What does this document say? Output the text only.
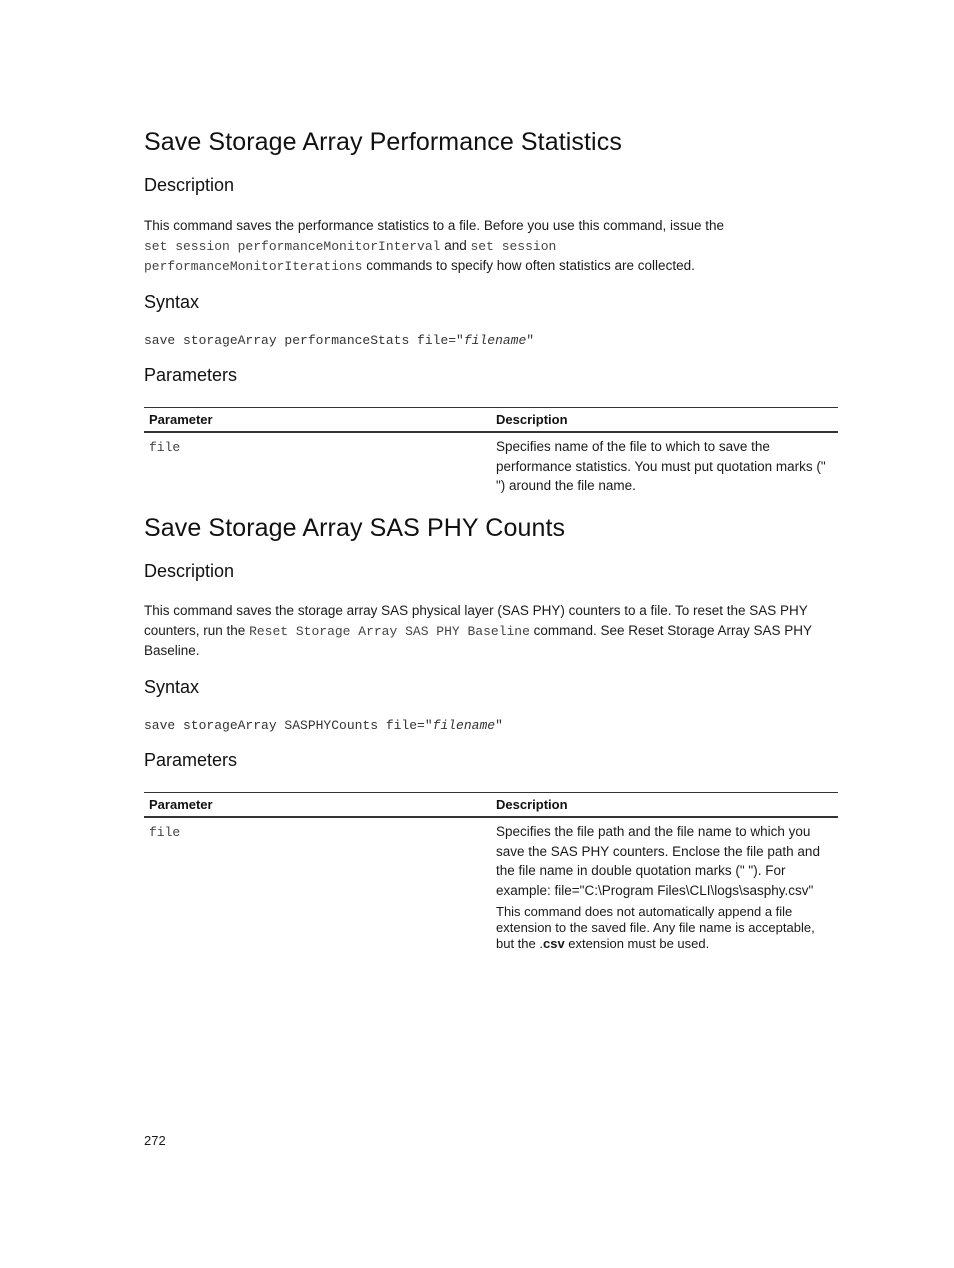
Save Storage Array Performance Statistics
Description
This command saves the performance statistics to a file. Before you use this command, issue the
set session performanceMonitorInterval and set session
performanceMonitorIterations commands to specify how often statistics are collected.
Syntax
save storageArray performanceStats file="filename"
Parameters
Parameter	Description
file	Specifies name of the file to which to save the performance statistics. You must put quotation marks (" ") around the file name.
Save Storage Array SAS PHY Counts
Description
This command saves the storage array SAS physical layer (SAS PHY) counters to a file. To reset the SAS PHY counters, run the Reset Storage Array SAS PHY Baseline command. See Reset Storage Array SAS PHY Baseline.
Syntax
save storageArray SASPHYCounts file="filename"
Parameters
Parameter	Description
file	Specifies the file path and the file name to which you save the SAS PHY counters. Enclose the file path and the file name in double quotation marks (" "). For example: file="C:\Program Files\CLI\logs\sasphy.csv"
This command does not automatically append a file extension to the saved file. Any file name is acceptable, but the .csv extension must be used.
272
